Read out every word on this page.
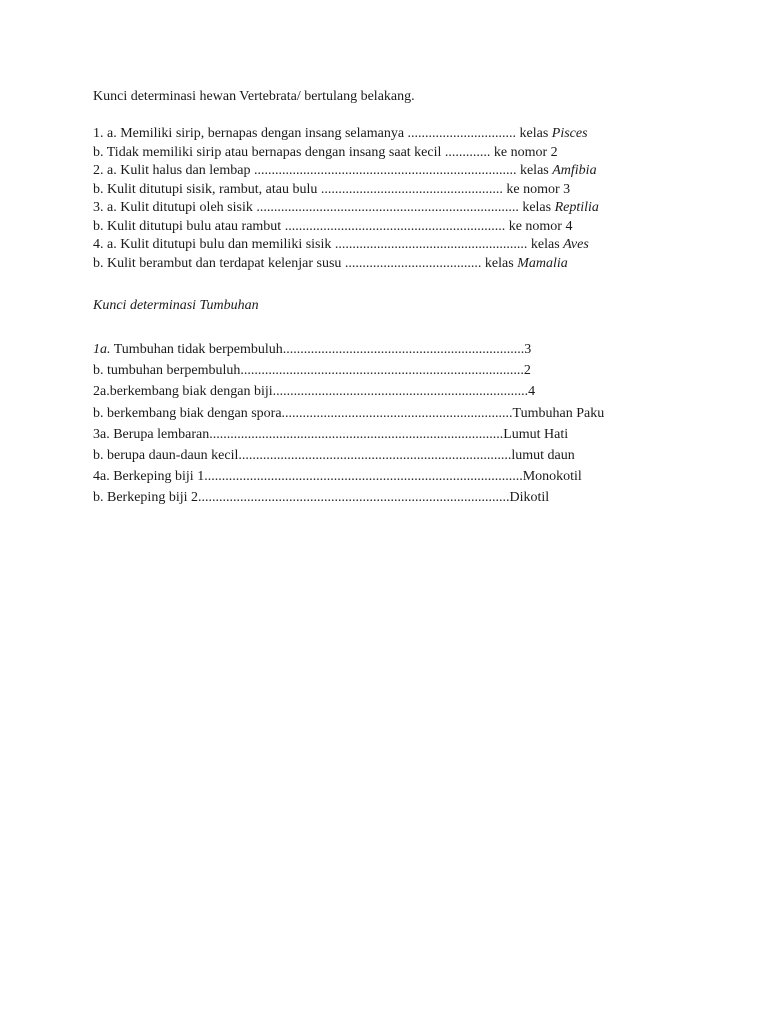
Kunci determinasi hewan Vertebrata/ bertulang belakang.
1. a. Memiliki sirip, bernapas dengan insang selamanya ............................... kelas Pisces
b. Tidak memiliki sirip atau bernapas dengan insang saat kecil ............. ke nomor 2
2. a. Kulit halus dan lembap ........................................................................... kelas Amfibia
b. Kulit ditutupi sisik, rambut, atau bulu .................................................... ke nomor 3
3. a. Kulit ditutupi oleh sisik ........................................................................... kelas Reptilia
b. Kulit ditutupi bulu atau rambut ............................................................... ke nomor 4
4. a. Kulit ditutupi bulu dan memiliki sisik ....................................................... kelas Aves
b. Kulit berambut dan terdapat kelenjar susu ....................................... kelas Mamalia
Kunci determinasi Tumbuhan
1a. Tumbuhan tidak berpembuluh.....................................................................3
b. tumbuhan berpembuluh.................................................................................2
2a.berkembang biak dengan biji.........................................................................4
b. berkembang biak dengan spora..................................................................Tumbuhan Paku
3a. Berupa lembaran....................................................................................Lumut Hati
b. berupa daun-daun kecil..............................................................................lumut daun
4a. Berkeping biji 1...........................................................................................Monokotil
b. Berkeping biji 2.........................................................................................Dikotil
